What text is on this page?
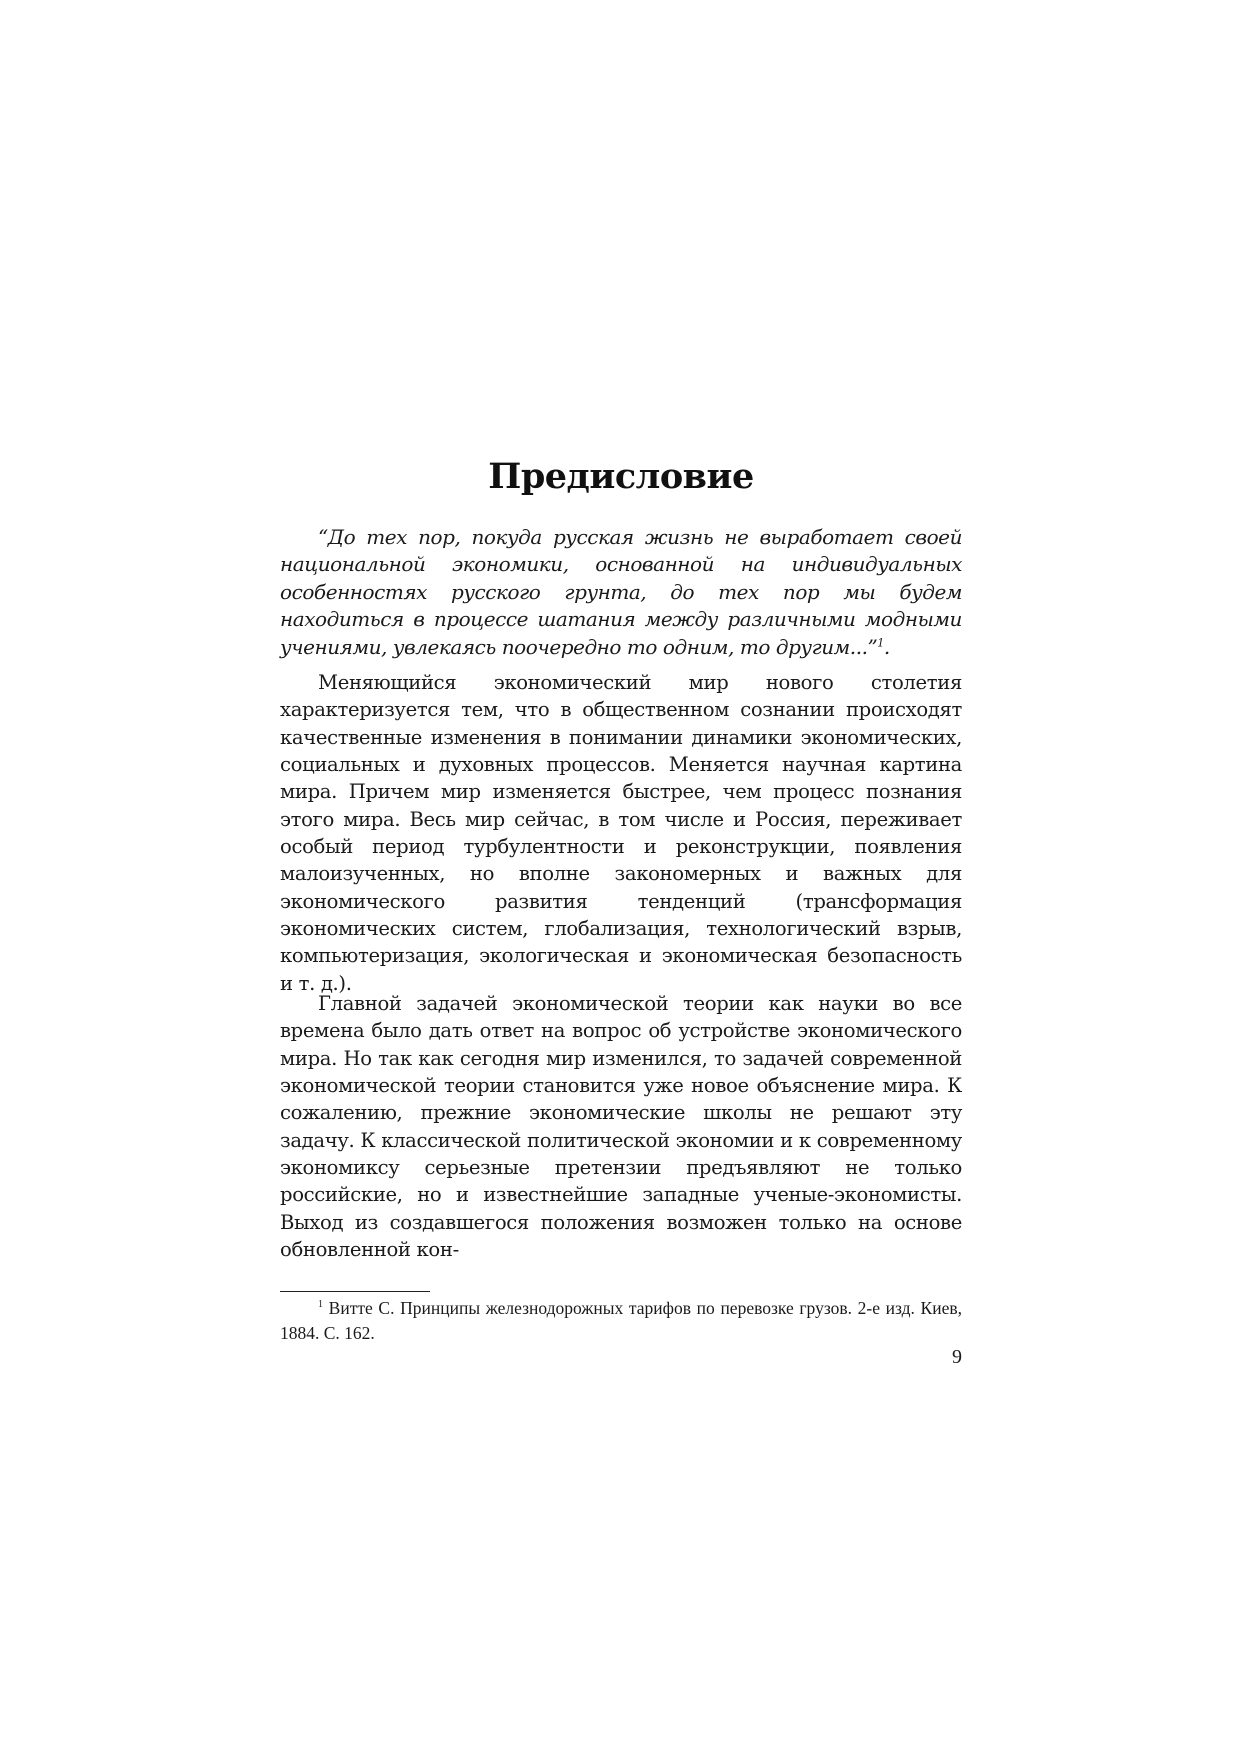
Предисловие

“До тех пор, покуда русская жизнь не выработает своей национальной экономики, основанной на индивидуальных особенностях русского грунта, до тех пор мы будем находиться в процессе шатания между различными модными учениями, увлекаясь поочередно то одним, то другим...”$^1$.

Меняющийся экономический мир нового столетия характеризуется тем, что в общественном сознании происходят качественные изменения в понимании динамики экономических, социальных и духовных процессов. Меняется научная картина мира. Причем мир изменяется быстрее, чем процесс познания этого мира. Весь мир сейчас, в том числе и Россия, переживает особый период турбулентности и реконструкции, появления малоизученных, но вполне закономерных и важных для экономического развития тенденций (трансформация экономических систем, глобализация, технологический взрыв, компьютеризация, экологическая и экономическая безопасность и т. д.).

Главной задачей экономической теории как науки во все времена было дать ответ на вопрос об устройстве экономического мира. Но так как сегодня мир изменился, то задачей современной экономической теории становится уже новое объяснение мира. К сожалению, прежние экономические школы не решают эту задачу. К классической политической экономии и к современному экономиксу серьезные претензии предъявляют не только российские, но и известнейшие западные ученые-экономисты. Выход из создавшегося положения возможен только на основе обновленной кон-

$^1$ Витте С. Принципы железнодорожных тарифов по перевозке грузов. 2-е изд. Киев, 1884. С. 162.

9
